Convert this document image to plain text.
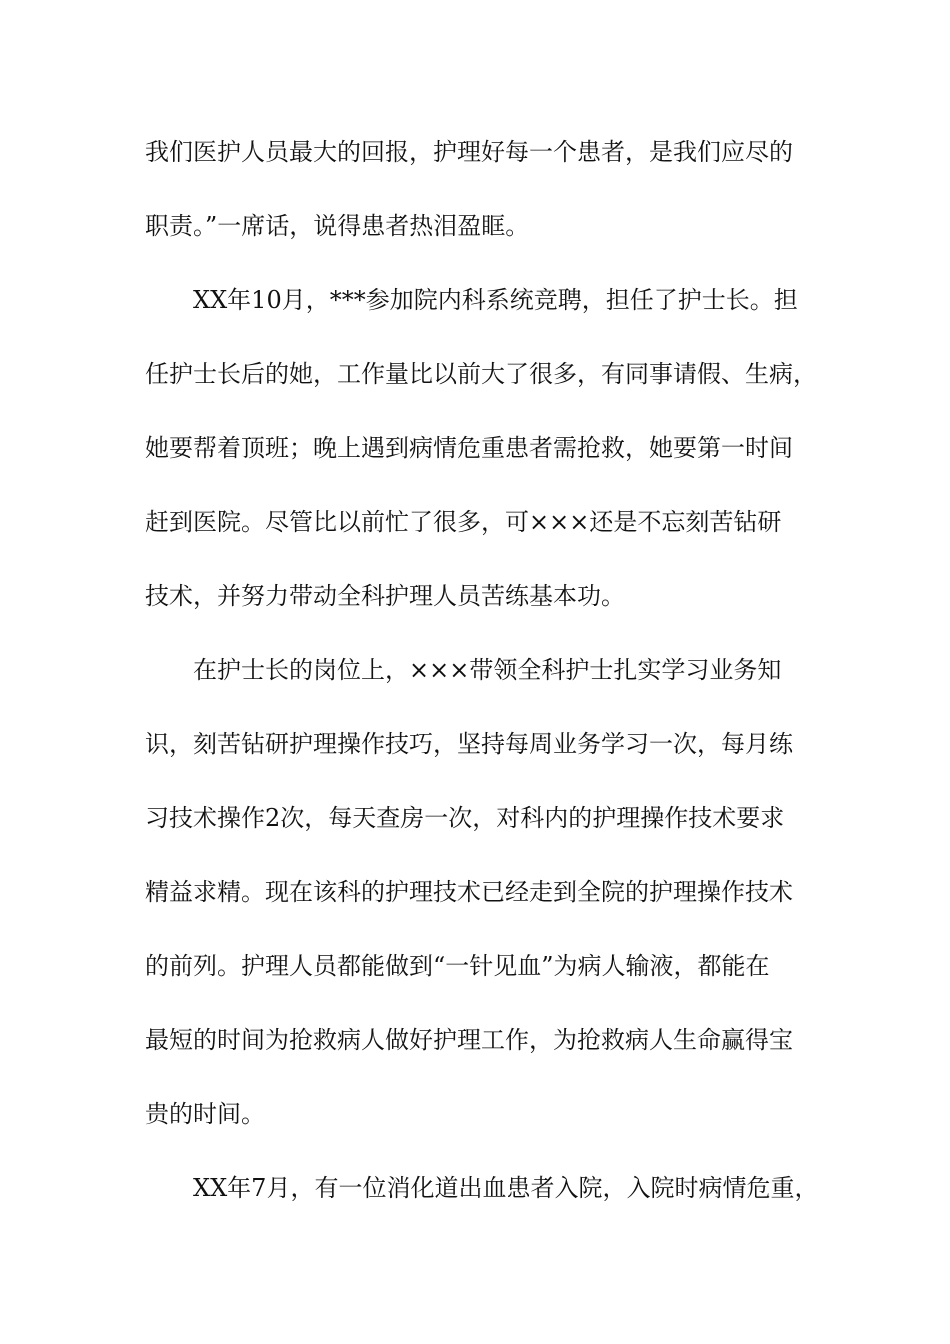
我们医护人员最大的回报，护理好每一个患者，是我们应尽的
职责。”一席话，说得患者热泪盈眶。
XX年10月，***参加院内科系统竞聘，担任了护士长。担
任护士长后的她，工作量比以前大了很多，有同事请假、生病，
她要帮着顶班；晚上遇到病情危重患者需抢救，她要第一时间
赶到医院。尽管比以前忙了很多，可×××还是不忘刻苦钻研
技术，并努力带动全科护理人员苦练基本功。
在护士长的岗位上，×××带领全科护士扎实学习业务知
识，刻苦钻研护理操作技巧，坚持每周业务学习一次，每月练
习技术操作2次，每天查房一次，对科内的护理操作技术要求
精益求精。现在该科的护理技术已经走到全院的护理操作技术
的前列。护理人员都能做到“一针见血”为病人输液，都能在
最短的时间为抢救病人做好护理工作，为抢救病人生命赢得宝
贵的时间。
XX年7月，有一位消化道出血患者入院，入院时病情危重，
